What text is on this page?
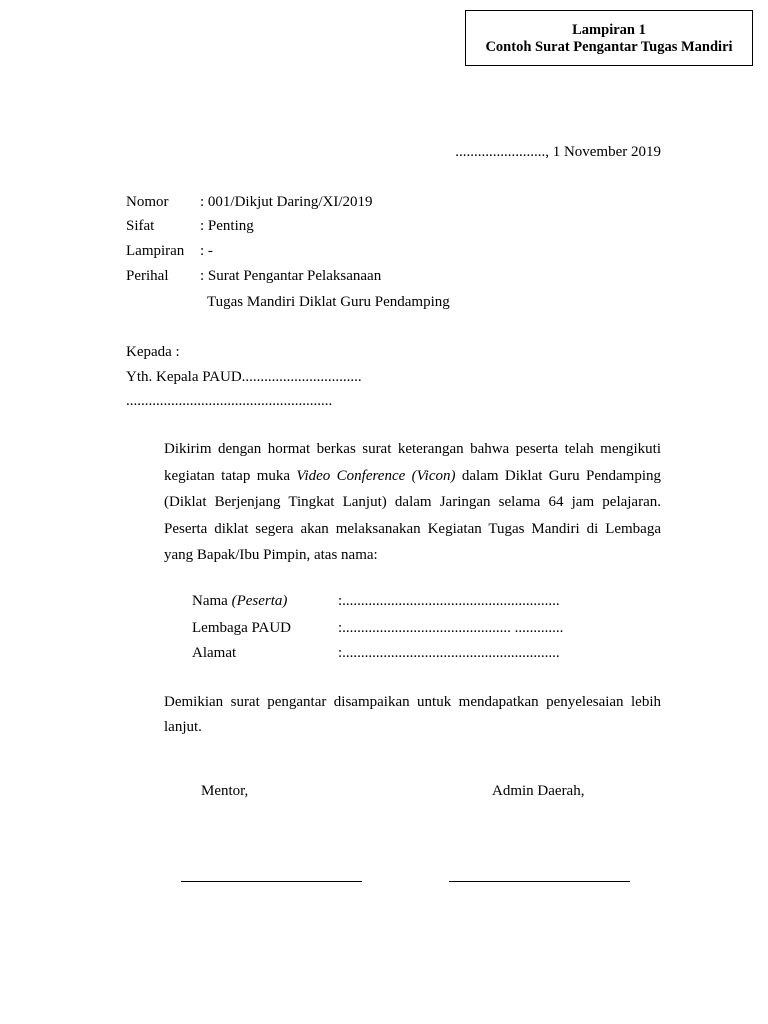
Lampiran 1
Contoh Surat Pengantar Tugas Mandiri
........................, 1 November 2019
Nomor : 001/Dikjut Daring/XI/2019
Sifat	: Penting
Lampiran : -
Perihal : Surat Pengantar Pelaksanaan
Tugas Mandiri Diklat Guru Pendamping
Kepada :
Yth. Kepala PAUD................................
.......................................................
Dikirim dengan hormat berkas surat keterangan bahwa peserta telah mengikuti kegiatan tatap muka Video Conference (Vicon) dalam Diklat Guru Pendamping (Diklat Berjenjang Tingkat Lanjut) dalam Jaringan selama 64 jam pelajaran. Peserta diklat segera akan melaksanakan Kegiatan Tugas Mandiri di Lembaga yang Bapak/Ibu Pimpin, atas nama:
Nama (Peserta)	:..........................................................
Lembaga PAUD	:............................................. .............
Alamat	:..........................................................
Demikian surat pengantar disampaikan untuk mendapatkan penyelesaian lebih lanjut.
Mentor,	Admin Daerah,
